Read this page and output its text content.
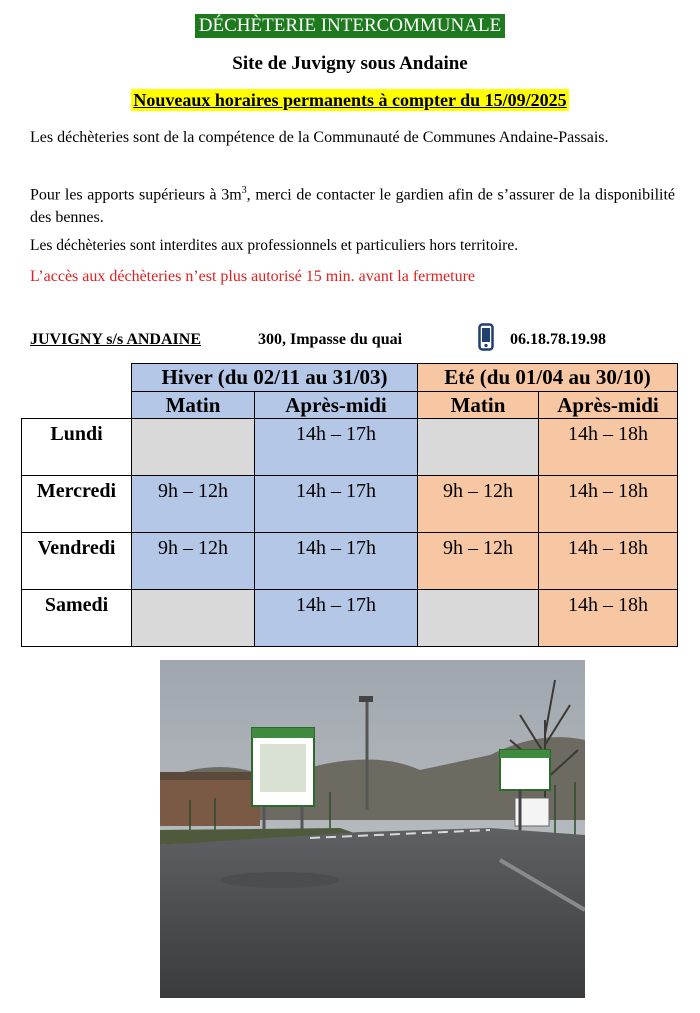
DÉCHÈTERIE INTERCOMMUNALE
Site de Juvigny sous Andaine
Nouveaux horaires permanents à compter du 15/09/2025
Les déchèteries sont de la compétence de la Communauté de Communes Andaine-Passais.
Pour les apports supérieurs à $3m^3$, merci de contacter le gardien afin de s’assurer de la disponibilité des bennes.
Les déchèteries sont interdites aux professionnels et particuliers hors territoire.
L’accès aux déchèteries n’est plus autorisé 15 min. avant la fermeture
JUVIGNY s/s ANDAINE	300, Impasse du quai	06.18.78.19.98
	Hiver (du 02/11 au 31/03)		Eté (du 01/04 au 30/10)	
	Matin	Après-midi	Matin	Après-midi
Lundi		14h – 17h		14h – 18h
Mercredi	9h – 12h	14h – 17h	9h – 12h	14h – 18h
Vendredi	9h – 12h	14h – 17h	9h – 12h	14h – 18h
Samedi		14h – 17h		14h – 18h
